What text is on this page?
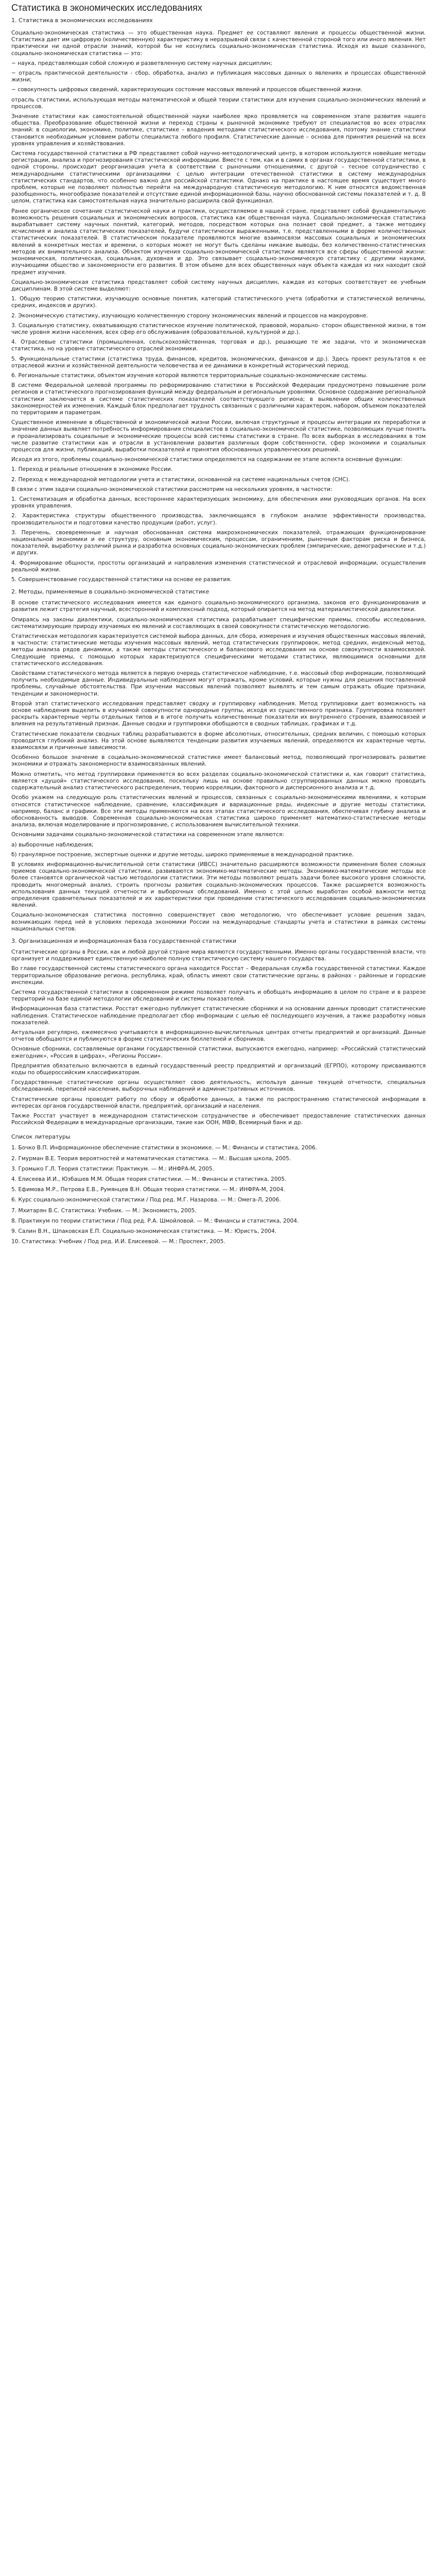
Статистика в экономических исследованиях
1. Статистика в экономических исследованиях

Социально-экономическая статистика — это общественная наука. Предмет ее составляют явления и процессы общественной жизни. Статистика дает им цифровую (количественную) характеристику в неразрывной связи с качественной стороной того или иного явления. Нет практически ни одной отрасли знаний, которой бы не коснулись социально-экономическая статистика. Исходя из выше сказанного, социально-экономическая статистика — это:

− наука, представляющая собой сложную и разветвленную систему научных дисциплин;

− отрасль практической деятельности - сбор, обработка, анализ и публикация массовых данных о явлениях и процессах общественной жизни;

− совокупность цифровых сведений, характеризующих состояние массовых явлений и процессов общественной жизни.

отрасль статистики, использующая методы математической и общей теории статистики для изучения социально-экономических явлений и процессов.

Значение статистики как самостоятельной общественной науки наиболее ярко проявляется на современном этапе развития нашего общества. Преобразование общественной жизни и переход страны к рыночной экономике требуют от специалистов во всех отраслях знаний: в социологии, экономике, политике, статистике – владения методами статистического исследования, поэтому знание статистики становится необходимым условием работы специалиста любого профиля. Статистические данные – основа для принятия решений на всех уровнях управления и хозяйствования.

Система государственной статистики в РФ представляет собой научно-методологический центр, в котором используются новейшие методы регистрации, анализа и прогнозирования статистической информации. Вместе с тем, как и в самих в органах государственной статистики, в одной стороны, происходит реорганизация учета в соответствии с рыночными отношениями, с другой – тесное сотрудничество с международными статистическими организациями с целью интеграции отечественной статистики в систему международных статистических стандартов, что особенно важно для российской статистики. Однако на практике в настоящее время существует много проблем, которые не позволяют полностью перейти на международную статистическую методологию. К ним относятся ведомственная разобщенность, многообразие показателей и отсутствие единой информационной базы, научно обоснованной системы показателей и т. д. В целом, статистика как самостоятельная наука значительно расширила свой функционал.

Ранее органическое сочетание статистической науки и практики, осуществляемое в нашей стране, представляет собой фундаментальную возможность решения социальных и экономических вопросов, статистика как общественная наука. Социально-экономическая статистика вырабатывает систему научных понятий, категорий, методов, посредством которых она познает свой предмет, а также методику исчисления и анализа статистических показателей, будучи статистически выраженными, т.е. представленными в форме количественных статистических показателей. В статистическом показателе проявляются многие взаимосвязи массовых социальных и экономических явлений в конкретных местах и времени, о которых может не могут быть сделаны никакие выводы, без количественно-статистических методов их внимательного анализа. Объектом изучения социально-экономической статистики являются все сферы общественной жизни: экономическая, политическая, социальная, духовная и др. Это связывает социально-экономическую статистику с другими науками, изучающими общество и закономерности его развития. В этом объеме для всех общественных наук объекта каждая из них находит свой предмет изучения.

Социально-экономическая статистика представляет собой систему научных дисциплин, каждая из которых соответствует ее учебным дисциплинам. В этой системе выделяют:

1. Общую теорию статистики, изучающую основные понятия, категорий статистического учета (обработки и статистической величины, средних, индексов и других).

2. Экономическую статистику, изучающую количественную сторону экономических явлений и процессов на макроуровне.

3. Социальную статистику, охватывающую статистическое изучение политической, правовой, морально- сторон общественной жизни, в том числе уровня жизни населения, всех сфер его обслуживания (образовательной, культурной и др.).

4. Отраслевые статистики (промышленная, сельскохозяйственная, торговая и др.), решающие те же задачи, что и экономическая статистика, но на уровне статистического отраслей экономики.

5. Функциональные статистики (статистика труда, финансов, кредитов, экономических, финансов и др.). Здесь проект результатов к ее отраслевой жизни и хозяйственной деятельности человечества и ее динамики в конкретный исторический период.

6. Региональные статистики, объектом изучения которой являются территориальные социально-экономические системы.

В системе Федеральной целевой программы по реформированию статистики в Российской Федерации предусмотрено повышение роли регионов и статистического прогнозирования функций между федеральным и региональным уровнями. Основное содержание региональной статистики заключается в системе статистических показателей соответствующего региона; в выявлении общих количественных закономерностей их изменения. Каждый блок предполагает трудность связанных с различными характером, набором, объемом показателей по территориям и параметрам.

Существенное изменение в общественной и экономической жизни России, включая структурные и процессы интеграции их переработки и значение данных выявляет потребность информирования специалистов в социально-экономической статистике, позволяющих лучше понять и проанализировать социальные и экономические процессы всей системы статистики в стране. По всех выборках в исследованиях в том числе развитие статистики как и отрасли в установлении развития различных форм собственности, сфер экономики и социальных процессов для жизни, публикаций, выработки показателей и принятия обоснованных управленческих решений.

Исходя из этого, проблемы социально-экономической статистики определяются на содержании ее этапе аспекта основные функции:

1. Переход и реальные отношения в экономике России.

2. Переход к международной методологии учета и статистики, основанной на системе национальных счетов (СНС).

В связи с этим задачи социально-экономической статистики рассмотрим на нескольких уровнях, в частности:

1. Систематизация и обработка данных, всестороннее характеризующих экономику, для обеспечения ими руководящих органов. На всех уровнях управления.

2. Характеристика структуры общественного производства, заключающаяся в глубоком анализе эффективности производства, производительности и подготовки качество продукции (работ, услуг).

3. Перечень, своевременные и научная обоснованная система макроэкономических показателей, отражающих функционирование национальной экономики и ее структуру, основным экономическим, процессам, ограничениям, рыночным факторам риска и бизнеса, показателей, выработку различий рынка и разработка основных социально-экономических проблем (эмпирические, демографические и т.д.) и других.

4. Формирование общности, простоты организаций и направления изменения статистической и отраслевой информации, осуществления реальной жизни.

5. Совершенствование государственной статистики на основе ее развития.

2. Методы, применяемые в социально-экономической статистике

В основе статистического исследования имеется как единого социально-экономического организма, законов его функционирования и развития лежит стратегия научный, всесторонний и комплексный подход, который опирается на метод материалистической диалектики.

Опираясь на законы диалектики, социально-экономическая статистика разрабатывает специфические приемы, способы исследования, систематизирующие природу изучаемых ею явлений и составляющих в своей совокупности статистическую методологию.

Статистическая методология характеризуется системой выбора данных, для сбора, измерения и изучения общественных массовых явлений, в частности: статистические методы изучения массовых явлений, метод статистических группировок, метод средних, индексный метод, методы анализа рядов динамики, а также методы статистического и балансового исследования на основе совокупности взаимосвязей. Следующие приемы, с помощью которых характеризуются специфическими методами статистики, являющимися основными для статистического исследования.

Свойствами статистического метода является в первую очередь статистическое наблюдение, т.е. массовый сбор информации, позволяющий получить необходимые данные. Индивидуальные наблюдения могут отражать, кроме условий, которые нужны для решения поставленной проблемы, случайные обстоятельства. При изучении массовых явлений позволяют выявлять и тем самым отражать общие признаки, тенденции и закономерности.

Второй этап статистического исследования представляет сводку и группировку наблюдения. Метод группировки дает возможность на основе наблюдения выделить в изучаемой совокупности однородные группы, исходя из существенного признака. Группировка позволяет раскрыть характерные черты отдельных типов и в итоге получить количественные показатели их внутреннего строения, взаимосвязей и влияния на результативный признак. Данные сводки и группировки обобщаются в сводных таблицах, графиках и т.д.

Статистические показатели сводных таблиц разрабатываются в форме абсолютных, относительных, средних величин, с помощью которых проводится глубокий анализ. На этой основе выявляются тенденции развития изучаемых явлений, определяются их характерные черты, взаимосвязи и причинные зависимости.

Особенно большое значение в социально-экономической статистике имеет балансовый метод, позволяющий прогнозировать развитие экономики и отражать закономерности взаимосвязанных явлений.

Можно отметить, что метод группировки применяется во всех разделах социально-экономической статистики и, как говорит статистика, является «душой» статистического исследования, поскольку лишь на основе правильно сгруппированных данных можно проводить содержательный анализ статистического распределения, теорию корреляции, факторного и дисперсионного анализа и т.д.

Особо укажем на следующую роль статистических явлений и процессов, связанных с социально-экономическими явлениями, к которым относятся статистическое наблюдение, сравнение, классификация и вариационные ряды, индексные и другие методы статистики, например, баланс и графики. Все эти методы применяются на всех этапах статистического исследования, обеспечивая глубину анализа и обоснованность выводов. Современная социально-экономическая статистика широко применяет математико-статистические методы анализа, включая моделирование и прогнозирование, с использованием вычислительной техники.

Основными задачами социально-экономической статистики на современном этапе являются:

а) выборочные наблюдения;

б) гранулярное построение, экспертные оценки и другие методы, широко применяемые в международной практике.

В условиях информационно-вычислительной сети статистики (ИВСС) значительно расширяются возможности применения более сложных приемов социально-экономической статистики, развиваются экономико-математические методы. Экономико-математические методы все более становятся органической частью методологии статистики. Эти методы позволяют решать задачи более высокого уровня сложности, проводить многомерный анализ, строить прогнозы развития социально-экономических процессов. Также расширяется возможность использования данных текущей отчетности и выборочных обследований. Именно с этой целью выработан особой важности метод определения сравнительных показателей и их характеристики при проведении статистического исследования социально-экономических явлений.

Социально-экономическая статистика постоянно совершенствует свою методологию, что обеспечивает условие решения задач, возникающих перед ней в условиях перехода экономики России на международные стандарты учета и статистики в рамках системы национальных счетов.

3. Организационная и информационная база государственной статистики

Статистические органы в России, как и любой другой стране мира являются государственными. Именно органы государственной власти, что организует и поддерживает единственную наиболее полную статистическую систему нашего государства.

Во главе государственной системы статистического органа находится Росстат – Федеральная служба государственной статистики. Каждое территориальное образование региона, республика, край, область имеют свои статистические органы, в районах – районные и городские инспекции.

Система государственной статистики в современном режиме позволяет получать и обобщать информацию в целом по стране и в разрезе территорий на базе единой методологии обследований и системы показателей.

Информационная база статистики. Росстат ежегодно публикует статистические сборники и на основании данных проводит статистические наблюдения. Статистическое наблюдение предполагает сбор информации с целью её последующего изучения, а также разработку новых показателей.

Актуальная регулярно, ежемесячно учитываются в информационно-вычислительных центрах отчеты предприятий и организаций. Данные отчетов обобщаются и публикуются в форме статистических бюллетеней и сборников.

Основные сборники, составляемые органами государственной статистики, выпускаются ежегодно, например: «Российский статистический ежегодник», «Россия в цифрах», «Регионы России».

Предприятия обязательно включаются в единый государственный реестр предприятий и организаций (ЕГРПО), которому присваиваются коды по общероссийским классификаторам.

Государственные статистические органы осуществляют свою деятельность, используя данные текущей отчетности, специальных обследований, переписей населения, выборочных наблюдений и административных источников.

Статистические органы проводят работу по сбору и обработке данных, а также по распространению статистической информации в интересах органов государственной власти, предприятий, организаций и населения.

Также Росстат участвует в международном статистическом сотрудничестве и обеспечивает предоставление статистических данных Российской Федерации в международные организации, такие как ООН, МВФ, Всемирный банк и др.

Список литературы

1. Бочко В.П. Информационное обеспечение статистики в экономике. — М.: Финансы и статистика, 2006.

2. Гмурман В.Е. Теория вероятностей и математическая статистика. — М.: Высшая школа, 2005.

3. Громыко Г.Л. Теория статистики: Практикум. — М.: ИНФРА-М, 2005.

4. Елисеева И.И., Юзбашев М.М. Общая теория статистики. — М.: Финансы и статистика, 2005.

5. Ефимова М.Р., Петрова Е.В., Румянцев В.Н. Общая теория статистики. — М.: ИНФРА-М, 2004.

6. Курс социально-экономической статистики / Под ред. М.Г. Назарова. — М.: Омега-Л, 2006.

7. Мхитарян В.С. Статистика: Учебник. — М.: Экономистъ, 2005.

8. Практикум по теории статистики / Под ред. Р.А. Шмойловой. — М.: Финансы и статистика, 2004.

9. Салин В.Н., Шпаковская Е.П. Социально-экономическая статистика. — М.: Юристъ, 2004.

10. Статистика: Учебник / Под ред. И.И. Елисеевой. — М.: Проспект, 2005.
